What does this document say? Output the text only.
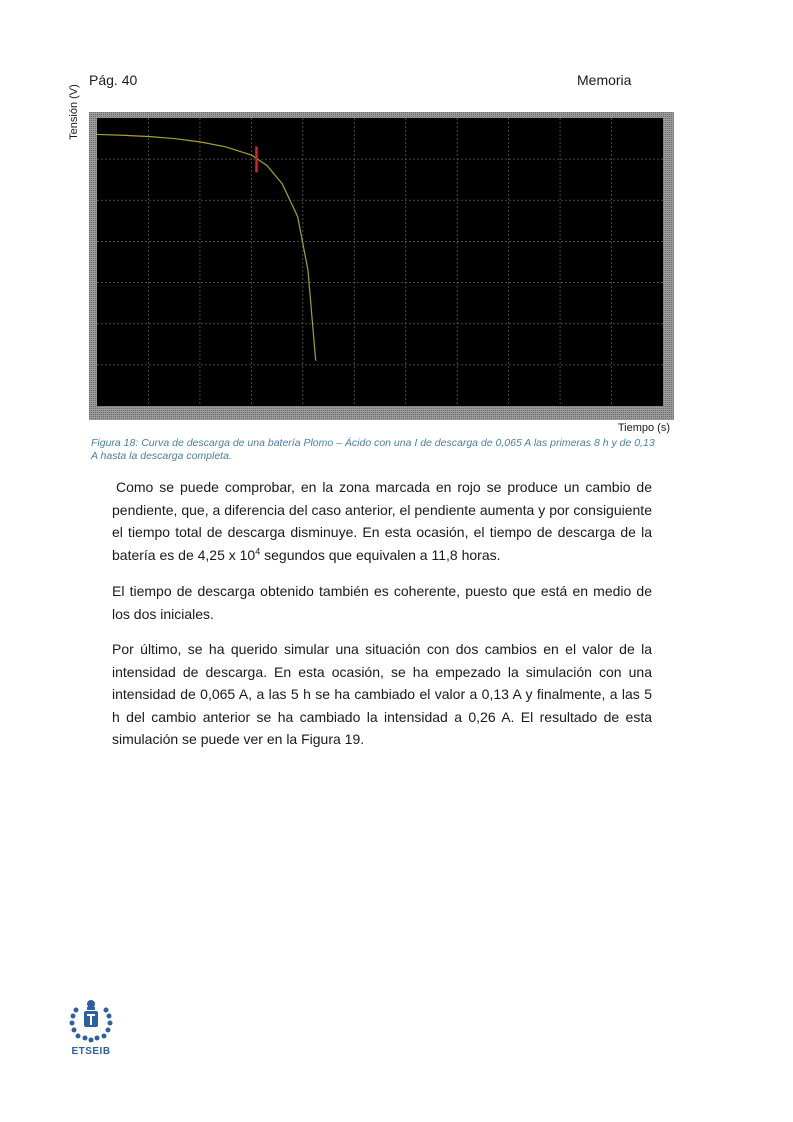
Pág. 40	Memoria
Tensión (V)
Tiempo (s)
Figura 18: Curva de descarga de una batería Plomo – Ácido con una I de descarga de 0,065 A las primeras 8 h y de 0,13 A hasta la descarga completa.
Como se puede comprobar, en la zona marcada en rojo se produce un cambio de pendiente, que, a diferencia del caso anterior, el pendiente aumenta y por consiguiente el tiempo total de descarga disminuye. En esta ocasión, el tiempo de descarga de la batería es de 4,25 x $10^4$ segundos que equivalen a 11,8 horas.
El tiempo de descarga obtenido también es coherente, puesto que está en medio de los dos iniciales.
Por último, se ha querido simular una situación con dos cambios en el valor de la intensidad de descarga. En esta ocasión, se ha empezado la simulación con una intensidad de 0,065 A, a las 5 h se ha cambiado el valor a 0,13 A y finalmente, a las 5 h del cambio anterior se ha cambiado la intensidad a 0,26 A. El resultado de esta simulación se puede ver en la Figura 19.
ETSEIB
